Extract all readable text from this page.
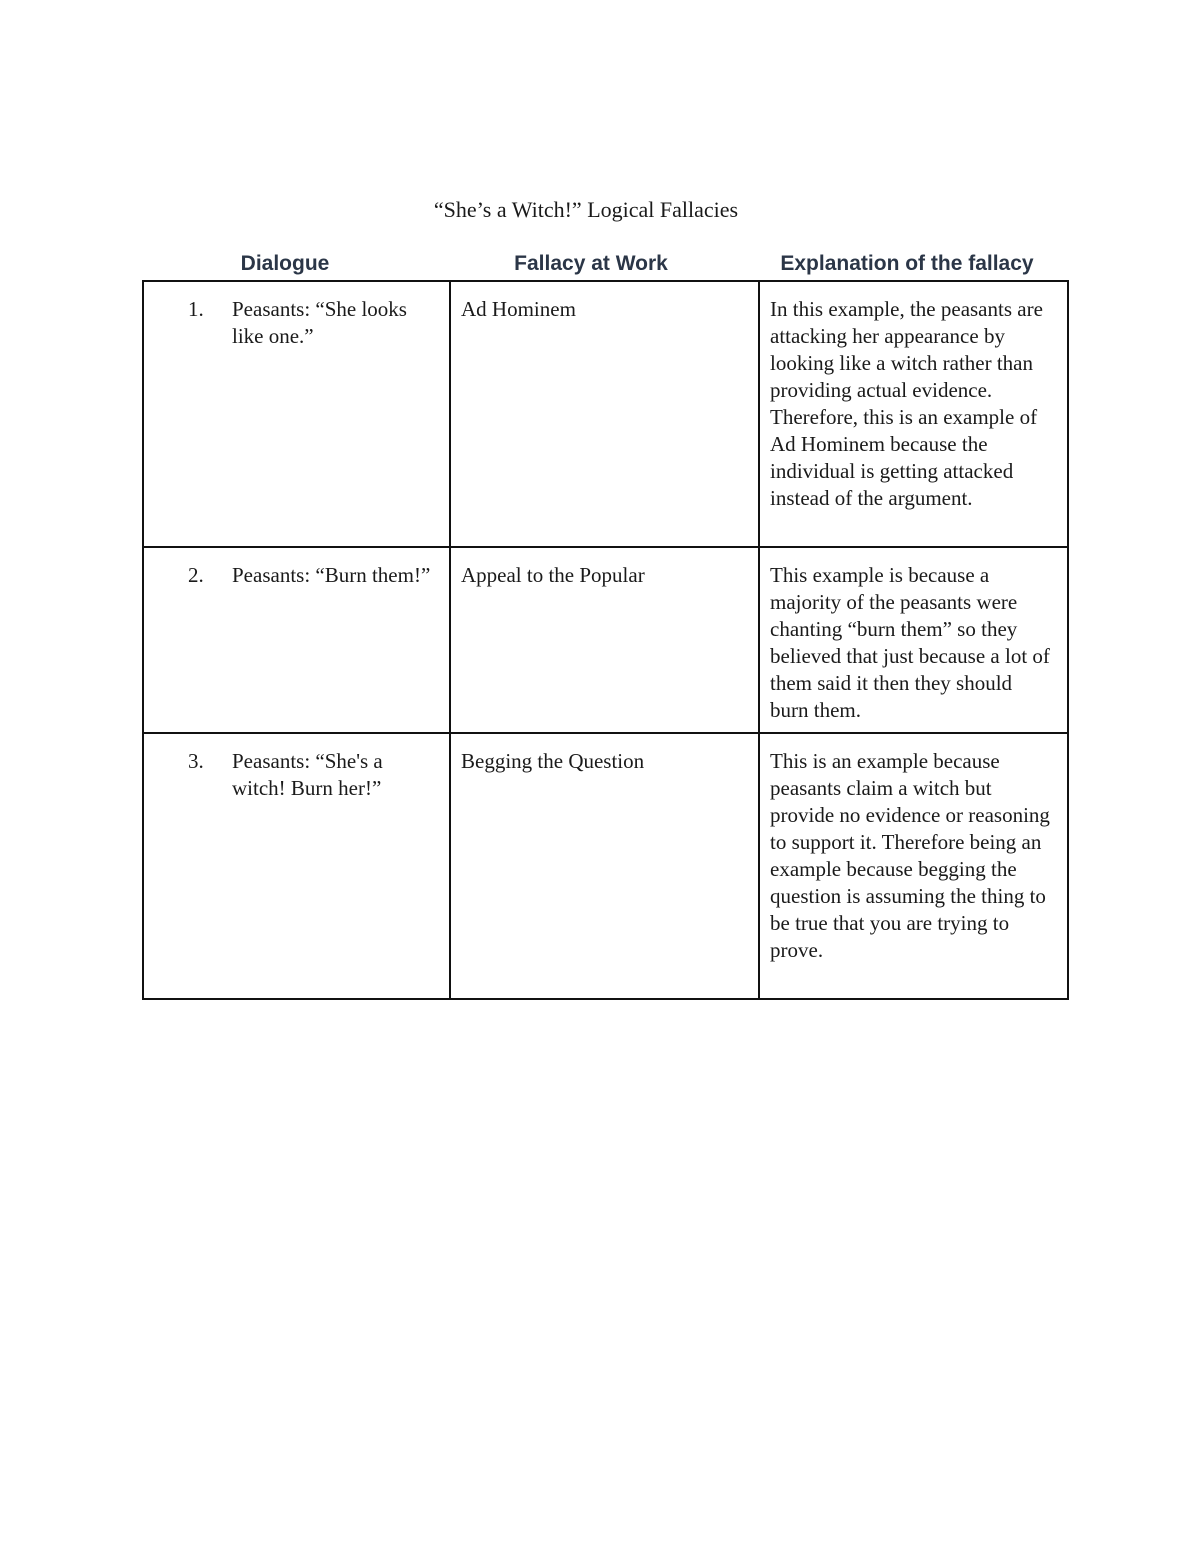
“She’s a Witch!” Logical Fallacies
Dialogue	Fallacy at Work	Explanation of the fallacy
1. Peasants: “She looks like one.”	Ad Hominem	In this example, the peasants are attacking her appearance by looking like a witch rather than providing actual evidence. Therefore, this is an example of Ad Hominem because the individual is getting attacked instead of the argument.

2. Peasants: “Burn them!”	Appeal to the Popular	This example is because a majority of the peasants were chanting “burn them” so they believed that just because a lot of them said it then they should burn them.

3. Peasants: “She's a witch! Burn her!”	Begging the Question	This is an example because peasants claim a witch but provide no evidence or reasoning to support it. Therefore being an example because begging the question is assuming the thing to be true that you are trying to prove.
